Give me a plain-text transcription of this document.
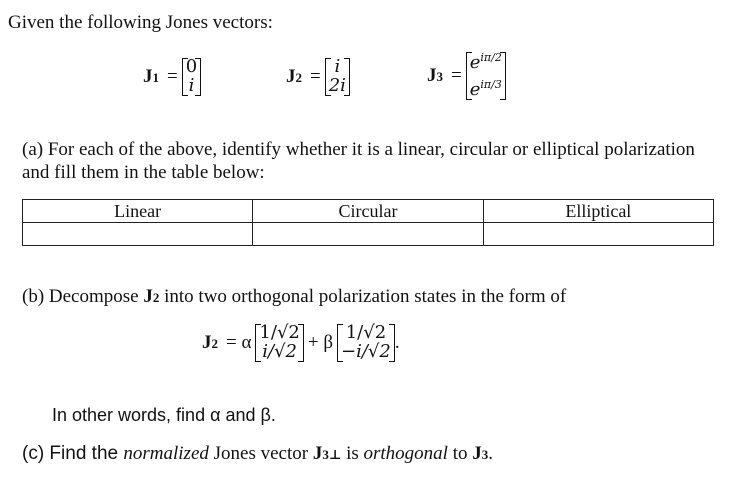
Given the following Jones vectors:
J1 = 0
i	J2 = i
2i	J3 =
$e^{i\pi/2}$
$e^{i\pi/3}$
(a) For each of the above, identify whether it is a linear, circular or elliptical polarization
and fill them in the table below:
Linear	Circular	Elliptical

(b) Decompose J2 into two orthogonal polarization states in the form of
J2 = α 1/√2
i/√2 + β 1/√2
−i/√2 .
In other words, find α and β.
(c) Find the normalized Jones vector J3⊥ is orthogonal to J3.
